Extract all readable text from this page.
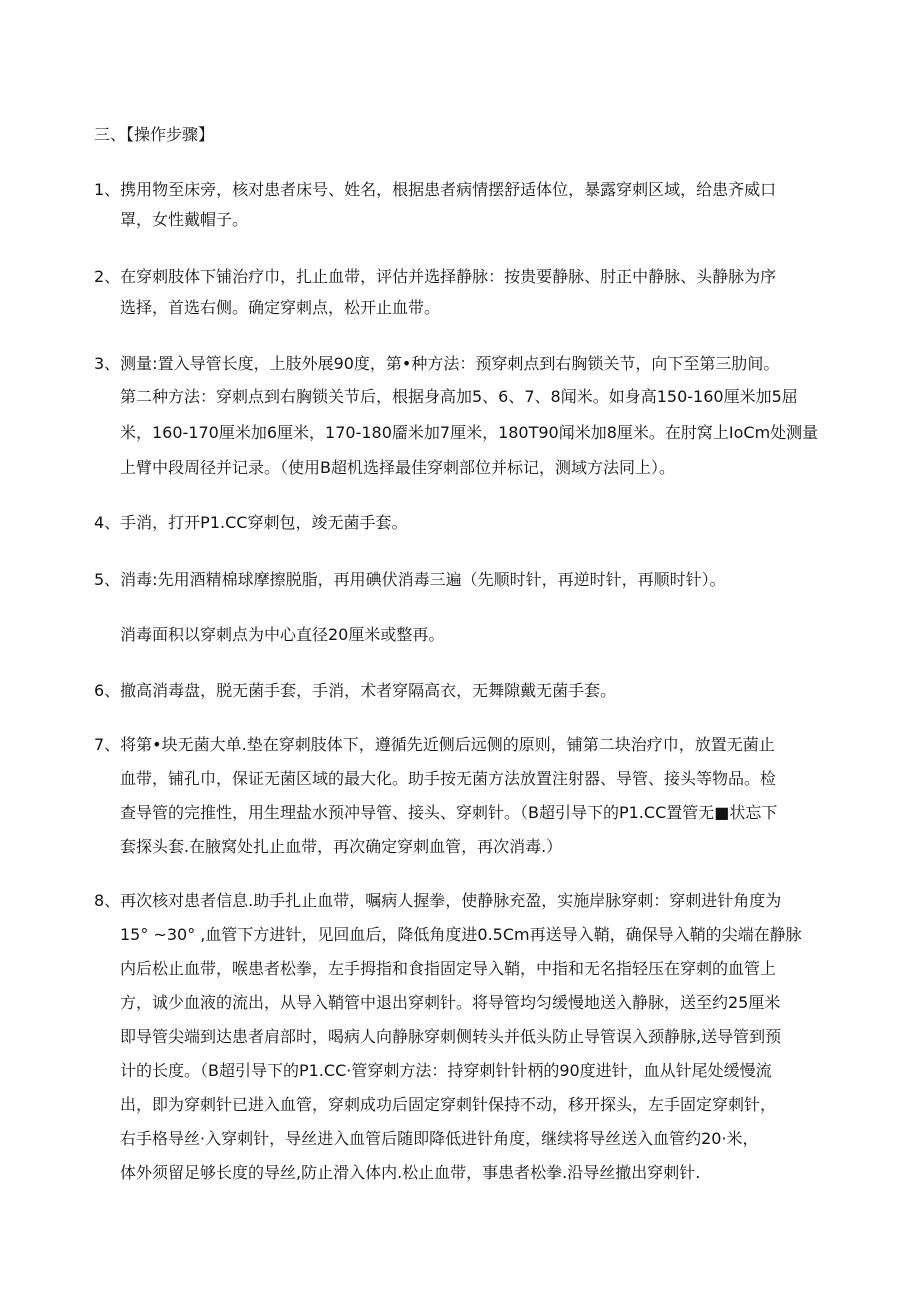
三、【操作步骤】
1、携用物至床旁，核对患者床号、姓名，根据患者病情摆舒适体位，暴露穿刺区域，给患齐威口
罩，女性戴帽子。
2、在穿刺肢体下铺治疗巾，扎止血带，评估并选择静脉：按贵要静脉、肘正中静脉、头静脉为序
选择，首选右侧。确定穿刺点，松开止血带。
3、测量:置入导管长度，上肢外展90度，第•种方法：预穿刺点到右胸锁关节，向下至第三肋间。
第二种方法：穿刺点到右胸锁关节后，根据身高加5、6、7、8闻米。如身高150-160厘米加5屈
米，160-170厘米加6厘米，170-180靥米加7厘米，180T90闻米加8厘米。在肘窝上IoCm处测量
上臂中段周径并记录。（使用B超机选择最佳穿刺部位并标记，测域方法同上）。
4、手消，打开P1.CC穿刺包，竣无菌手套。
5、消毒:先用酒精棉球摩擦脱脂，再用碘伏消毒三遍（先顺时针，再逆时针，再顺时针）。
消毒面积以穿刺点为中心直径20厘米或整再。
6、撤高消毒盘，脱无菌手套，手消，术者穿隔高衣，无舞隙戴无菌手套。
7、将第•块无菌大单.垫在穿刺肢体下，遵循先近侧后远侧的原则，铺第二块治疗巾，放置无菌止
血带，铺孔巾，保证无菌区域的最大化。助手按无菌方法放置注射器、导管、接头等物品。检
查导管的完推性，用生理盐水预冲导管、接头、穿刺针。（B超引导下的P1.CC置管无■状忘下
套探头套.在腋窝处扎止血带，再次确定穿刺血管，再次消毒.）
8、再次核对患者信息.助手扎止血带，嘱病人握拳，使静脉充盈，实施岸脉穿刺：穿刺进针角度为
15° ~30° ,血管下方进针，见回血后，降低角度进0.5Cm再送导入鞘，确保导入鞘的尖端在静脉
内后松止血带，喉患者松拳，左手拇指和食指固定导入鞘，中指和无名指轻压在穿刺的血管上
方，诚少血液的流出，从导入鞘管中退出穿刺针。将导管均匀缓慢地送入静脉，送至约25厘米
即导管尖端到达患者肩部时，喝病人向静脉穿刺侧转头并低头防止导管误入颈静脉,送导管到预
计的长度。（B超引导下的P1.CC·管穿刺方法：持穿刺针针柄的90度进针，血从针尾处缓慢流
出，即为穿刺针已进入血管，穿刺成功后固定穿刺针保持不动，移开探头，左手固定穿刺针，
右手格导丝·入穿刺针，导丝进入血管后随即降低进针角度，继续将导丝送入血管约20·米，
体外须留足够长度的导丝,防止滑入体内.松止血带，事患者松拳.沿导丝撤出穿刺针.
